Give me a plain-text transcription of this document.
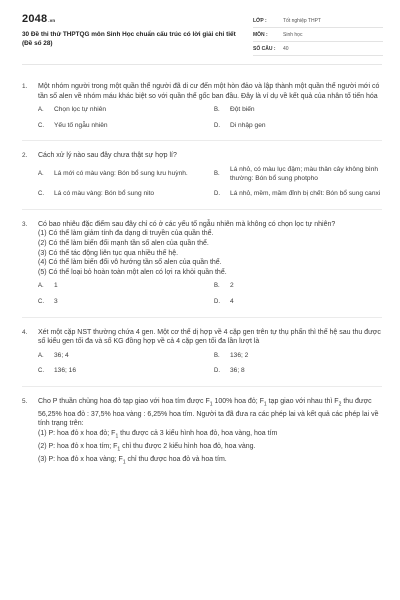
2048.vn
30 Đề thi thử THPTQG môn Sinh Học chuẩn cấu trúc có lời giải chi tiết (Đề số 28)
LỚP :	Tốt nghiệp THPT
MÔN :	Sinh học
SỐ CÂU :	40
1.	Một nhóm người trong một quần thể người đã di cư đến một hòn đảo và lập thành một quần thể người mới có tần số alen về nhóm máu khác biệt so với quần thể gốc ban đầu. Đây là ví dụ về kết quả của nhân tố tiến hóa
A.	Chọn lọc tự nhiên	B.	Đột biến
C.	Yếu tố ngẫu nhiên	D.	Di nhập gen
2.	Cách xử lý nào sau đây chưa thật sự hợp lí?
A.	Lá mới có màu vàng: Bón bổ sung lưu huỳnh.	B.
Lá nhỏ, có màu lục đậm; màu thân cây không bình thường: Bón bổ sung photpho
C.	Lá có màu vàng: Bón bổ sung nito	D.	Lá nhỏ, mềm, mầm đỉnh bị chết: Bón bổ sung canxi
3.	Có bao nhiêu đặc điểm sau đây chỉ có ở các yếu tố ngẫu nhiên mà không có chọn lọc tự nhiên?
(1) Có thể làm giảm tính đa dạng di truyền của quần thể.
(2) Có thể làm biến đổi mạnh tần số alen của quần thể.
(3) Có thể tác động liên tục qua nhiều thế hệ.
(4) Có thể làm biến đổi vô hướng tần số alen của quần thể.
(5) Có thể loại bỏ hoàn toàn một alen có lợi ra khỏi quần thể.
A.	1	B.	2
C.	3	D.	4
4.	Xét một cặp NST thường chứa 4 gen. Một cơ thể dị hợp về 4 cặp gen trên tự thụ phấn thì thế hệ sau thu được số kiểu gen tối đa và số KG đồng hợp về cả 4 cặp gen tối đa lần lượt là
A.	36; 4	B.	136; 2
C.	136; 16	D.	36; 8
5.	Cho P thuần chủng hoa đỏ tạp giao với hoa tím được $F_1$ 100% hoa đỏ; $F_1$ tạp giao với nhau thì $F_2$ thu được 56,25% hoa đỏ : 37,5% hoa vàng : 6,25% hoa tím. Người ta đã đưa ra các phép lai và kết quả các phép lai về tính trạng trên:
(1) P: hoa đỏ x hoa đỏ; $F_1$ thu được cả 3 kiểu hình hoa đỏ, hoa vàng, hoa tím
(2) P: hoa đỏ x hoa tím; $F_1$ chỉ thu được 2 kiểu hình hoa đỏ, hoa vàng.
(3) P: hoa đỏ x hoa vàng; $F_1$ chỉ thu được hoa đỏ và hoa tím.
